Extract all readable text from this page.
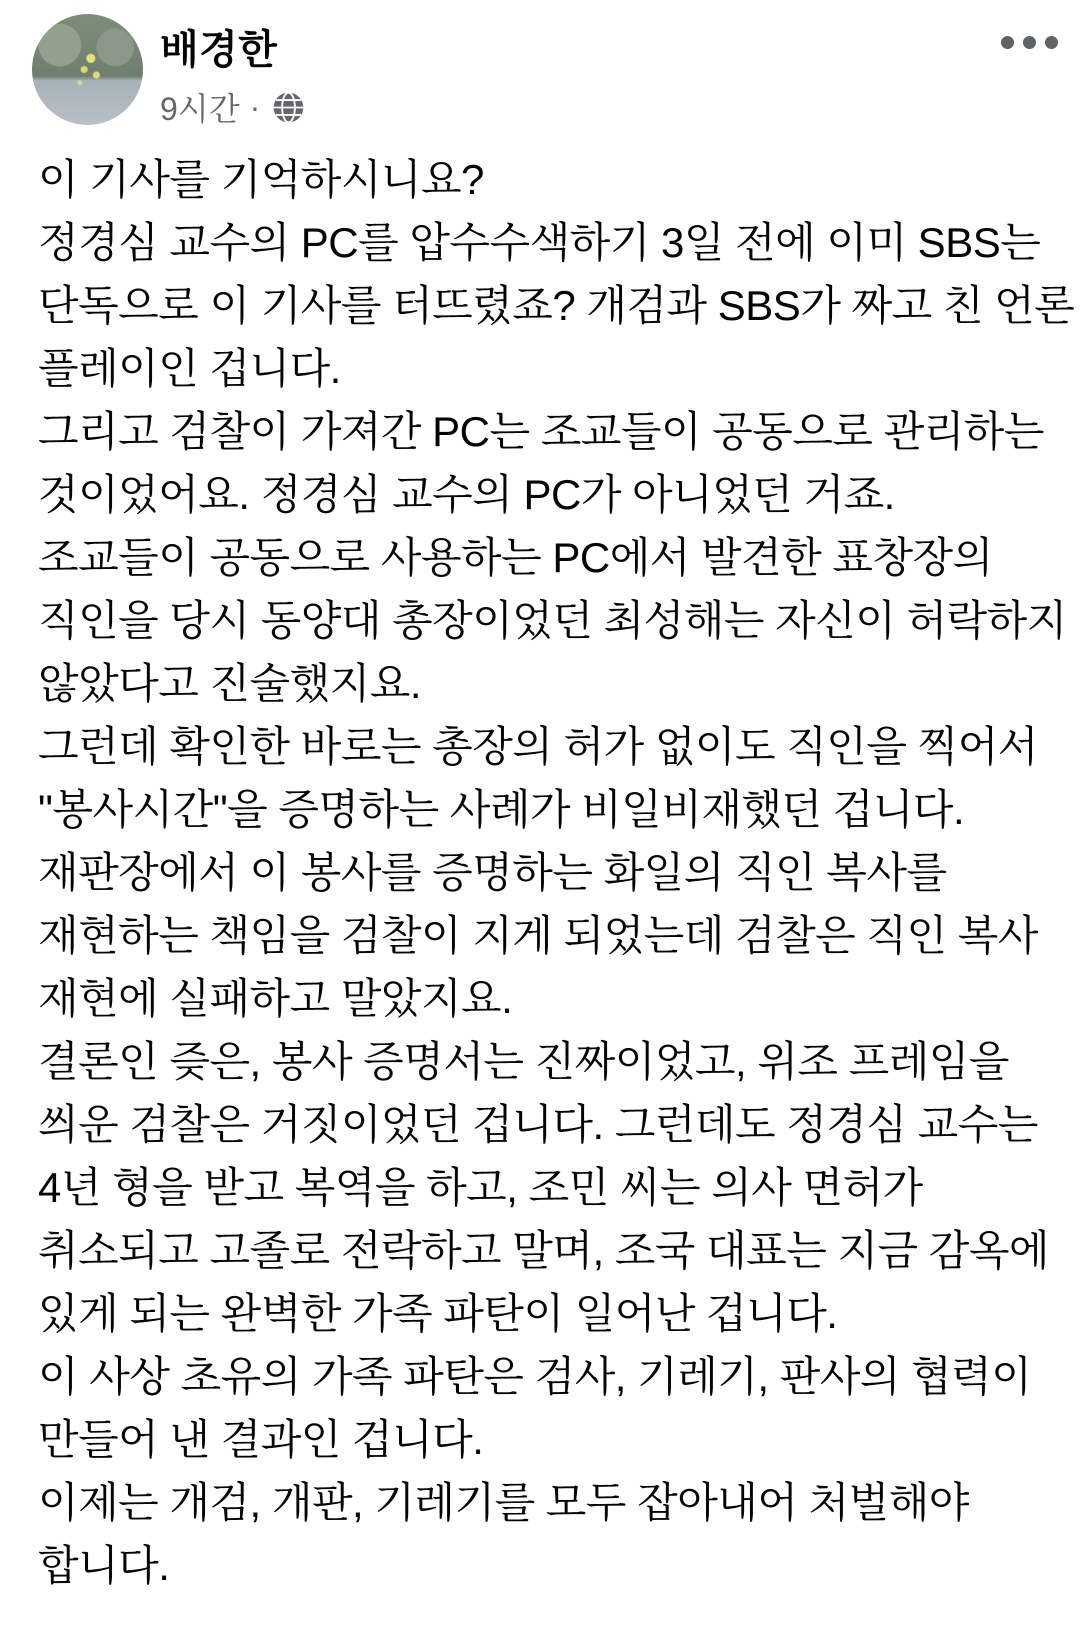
배경한
9시간 ·
이 기사를 기억하시니요?
정경심 교수의 PC를 압수수색하기 3일 전에 이미 SBS는
단독으로 이 기사를 터뜨렸죠? 개검과 SBS가 짜고 친 언론
플레이인 겁니다.
그리고 검찰이 가져간 PC는 조교들이 공동으로 관리하는
것이었어요. 정경심 교수의 PC가 아니었던 거죠.
조교들이 공동으로 사용하는 PC에서 발견한 표창장의
직인을 당시 동양대 총장이었던 최성해는 자신이 허락하지
않았다고 진술했지요.
그런데 확인한 바로는 총장의 허가 없이도 직인을 찍어서
"봉사시간"을 증명하는 사례가 비일비재했던 겁니다.
재판장에서 이 봉사를 증명하는 화일의 직인 복사를
재현하는 책임을 검찰이 지게 되었는데 검찰은 직인 복사
재현에 실패하고 말았지요.
결론인 즞은, 봉사 증명서는 진짜이었고, 위조 프레임을
씌운 검찰은 거짓이었던 겁니다. 그런데도 정경심 교수는
4년 형을 받고 복역을 하고, 조민 씨는 의사 면허가
취소되고 고졸로 전락하고 말며, 조국 대표는 지금 감옥에
있게 되는 완벽한 가족 파탄이 일어난 겁니다.
이 사상 초유의 가족 파탄은 검사, 기레기, 판사의 협력이
만들어 낸 결과인 겁니다.
이제는 개검, 개판, 기레기를 모두 잡아내어 처벌해야
합니다.
